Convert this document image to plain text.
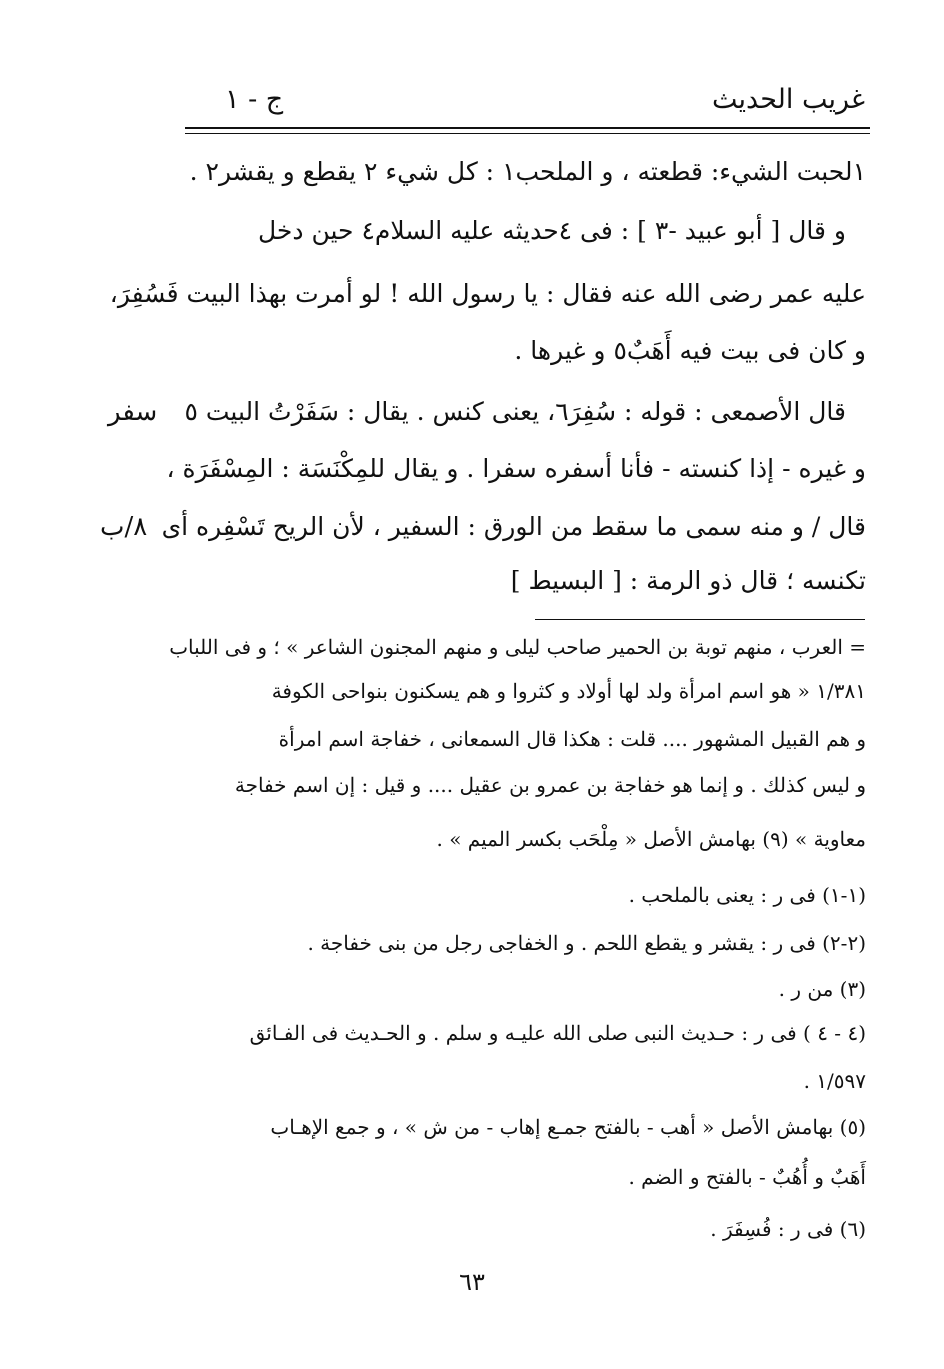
غريب الحديث
ج - ١
١لحبت الشيء: قطعته ، و الملحب١ : كل شيء ٢ يقطع و يقشر٢ .
و قال [ أبو عبيد -٣ ] : فى ٤حديثه عليه السلام٤ حين دخل
عليه عمر رضى الله عنه فقال : يا رسول الله ! لو أمرت بهذا البيت فَسُفِرَ،
و كان فى بيت فيه أَهَبٌ٥ و غيرها .
قال الأصمعى : قوله : سُفِرَ٦، يعنى كنس . يقال : سَفَرْتُ البيت ٥
و غيره - إذا كنسته - فأنا أسفره سفرا . و يقال للمِكْنَسَة : المِسْفَرَة ،
قال / و منه سمى ما سقط من الورق : السفير ، لأن الريح تَسْفِره أى
تكنسه ؛ قال ذو الرمة : [ البسيط ]
سفر
٨/ب
= العرب ، منهم توبة بن الحمير صاحب ليلى و منهم المجنون الشاعر » ؛ و فى اللباب
١/٣٨١ « هو اسم امرأة ولد لها أولاد و كثروا و هم يسكنون بنواحى الكوفة
و هم القبيل المشهور .... قلت : هكذا قال السمعانى ، خفاجة اسم امرأة
و ليس كذلك . و إنما هو خفاجة بن عمرو بن عقيل .... و قيل : إن اسم خفاجة
معاوية » (٩) بهامش الأصل « مِلْحَب بكسر الميم » .
(١-١) فى ر : يعنى بالملحب .
(٢-٢) فى ر : يقشر و يقطع اللحم . و الخفاجى رجل من بنى خفاجة .
(٣) من ر .
(٤ - ٤ ) فى ر : حـديث النبى صلى الله عليـه و سلم . و الحـديث فى الفـائق
١/٥٩٧ .
(٥) بهامش الأصل « أهب - بالفتح جمـع إهاب - من ش » ، و جمع الإهـاب
أَهَبٌ و أُهُبٌ - بالفتح و الضم .
(٦) فى ر : فُسِفَرَ .
٦٣
